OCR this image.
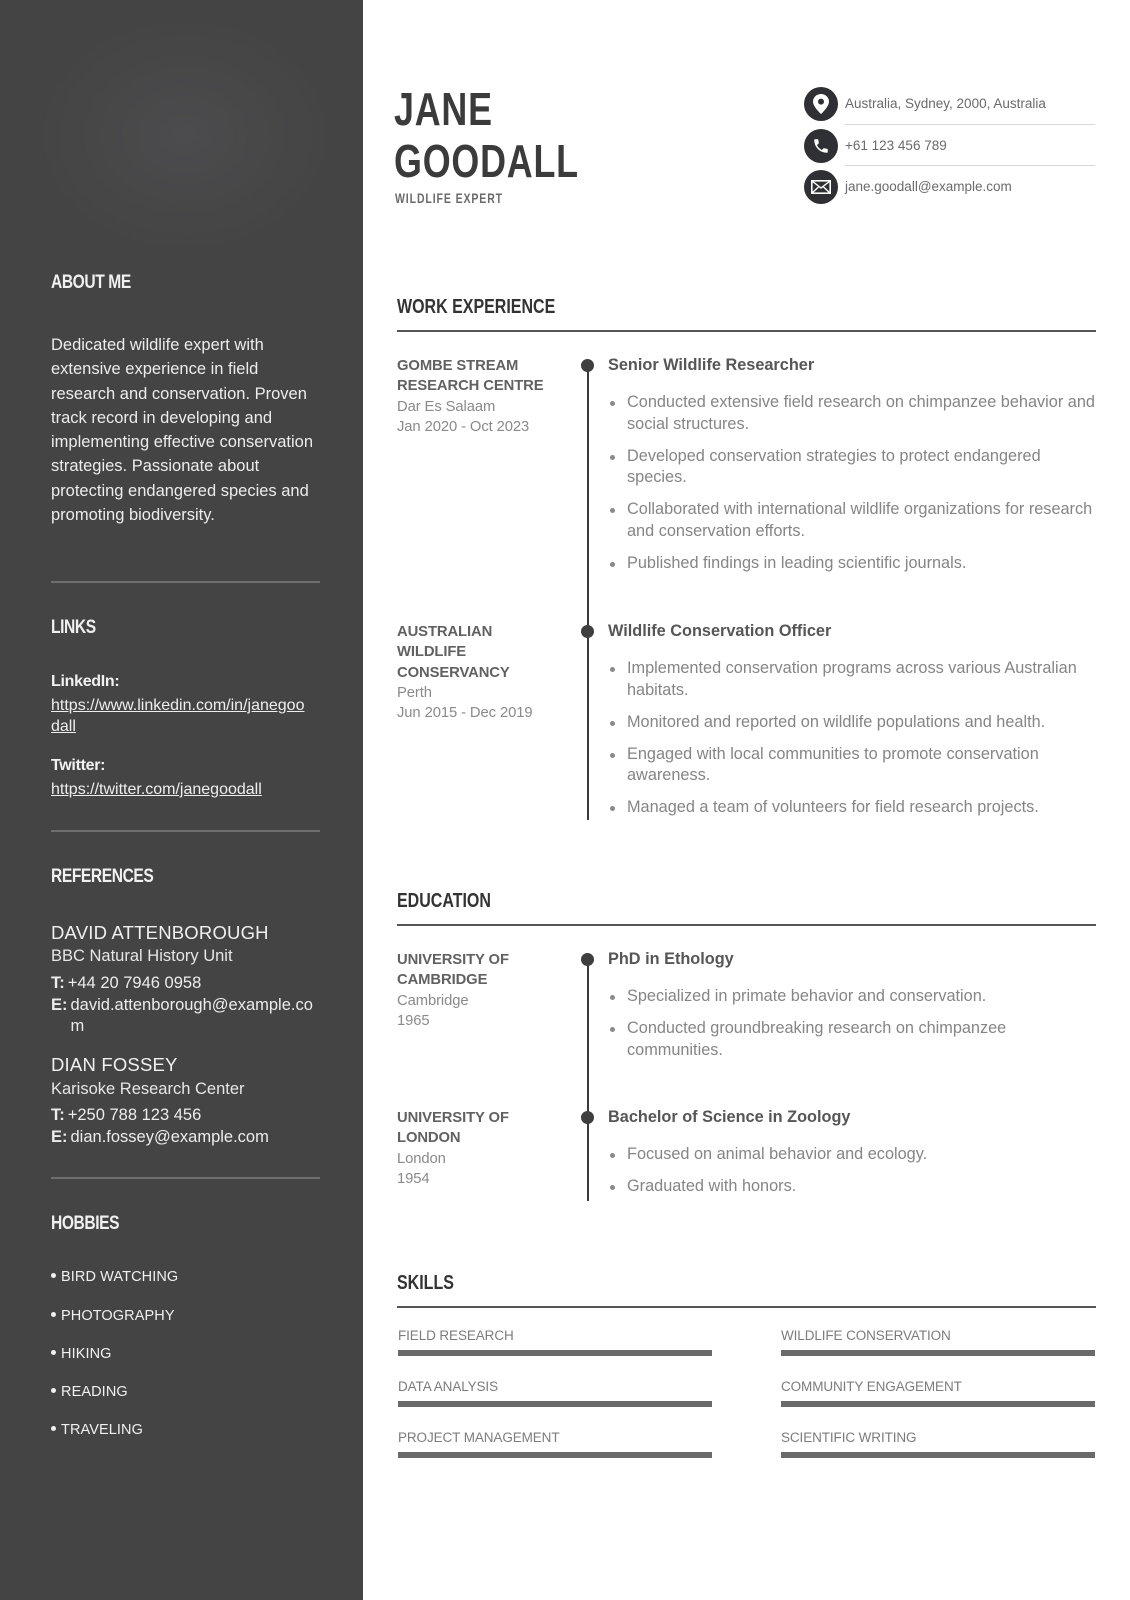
ABOUT ME

Dedicated wildlife expert with extensive experience in field research and conservation. Proven track record in developing and implementing effective conservation strategies. Passionate about protecting endangered species and promoting biodiversity.

LINKS
LinkedIn:
https://www.linkedin.com/in/janegoodall
Twitter:
https://twitter.com/janegoodall
REFERENCES
DAVID ATTENBOROUGH
BBC Natural History Unit
T: +44 20 7946 0958
E: david.attenborough@example.com
DIAN FOSSEY
Karisoke Research Center
T: +250 788 123 456
E: dian.fossey@example.com
HOBBIES
BIRD WATCHING
PHOTOGRAPHY
HIKING
READING
TRAVELING
JANE
GOODALL
WILDLIFE EXPERT
Australia, Sydney, 2000, Australia
+61 123 456 789
jane.goodall@example.com
WORK EXPERIENCE
GOMBE STREAM RESEARCH CENTRE
Dar Es Salaam
Jan 2020 - Oct 2023
Senior Wildlife Researcher
Conducted extensive field research on chimpanzee behavior and social structures.
Developed conservation strategies to protect endangered species.
Collaborated with international wildlife organizations for research and conservation efforts.
Published findings in leading scientific journals.
AUSTRALIAN WILDLIFE CONSERVANCY
Perth
Jun 2015 - Dec 2019
Wildlife Conservation Officer
Implemented conservation programs across various Australian habitats.
Monitored and reported on wildlife populations and health.
Engaged with local communities to promote conservation awareness.
Managed a team of volunteers for field research projects.
EDUCATION
UNIVERSITY OF CAMBRIDGE
Cambridge
1965
PhD in Ethology
Specialized in primate behavior and conservation.
Conducted groundbreaking research on chimpanzee communities.
UNIVERSITY OF LONDON
London
1954
Bachelor of Science in Zoology
Focused on animal behavior and ecology.
Graduated with honors.
SKILLS
FIELD RESEARCH	WILDLIFE CONSERVATION
DATA ANALYSIS	COMMUNITY ENGAGEMENT
PROJECT MANAGEMENT	SCIENTIFIC WRITING
